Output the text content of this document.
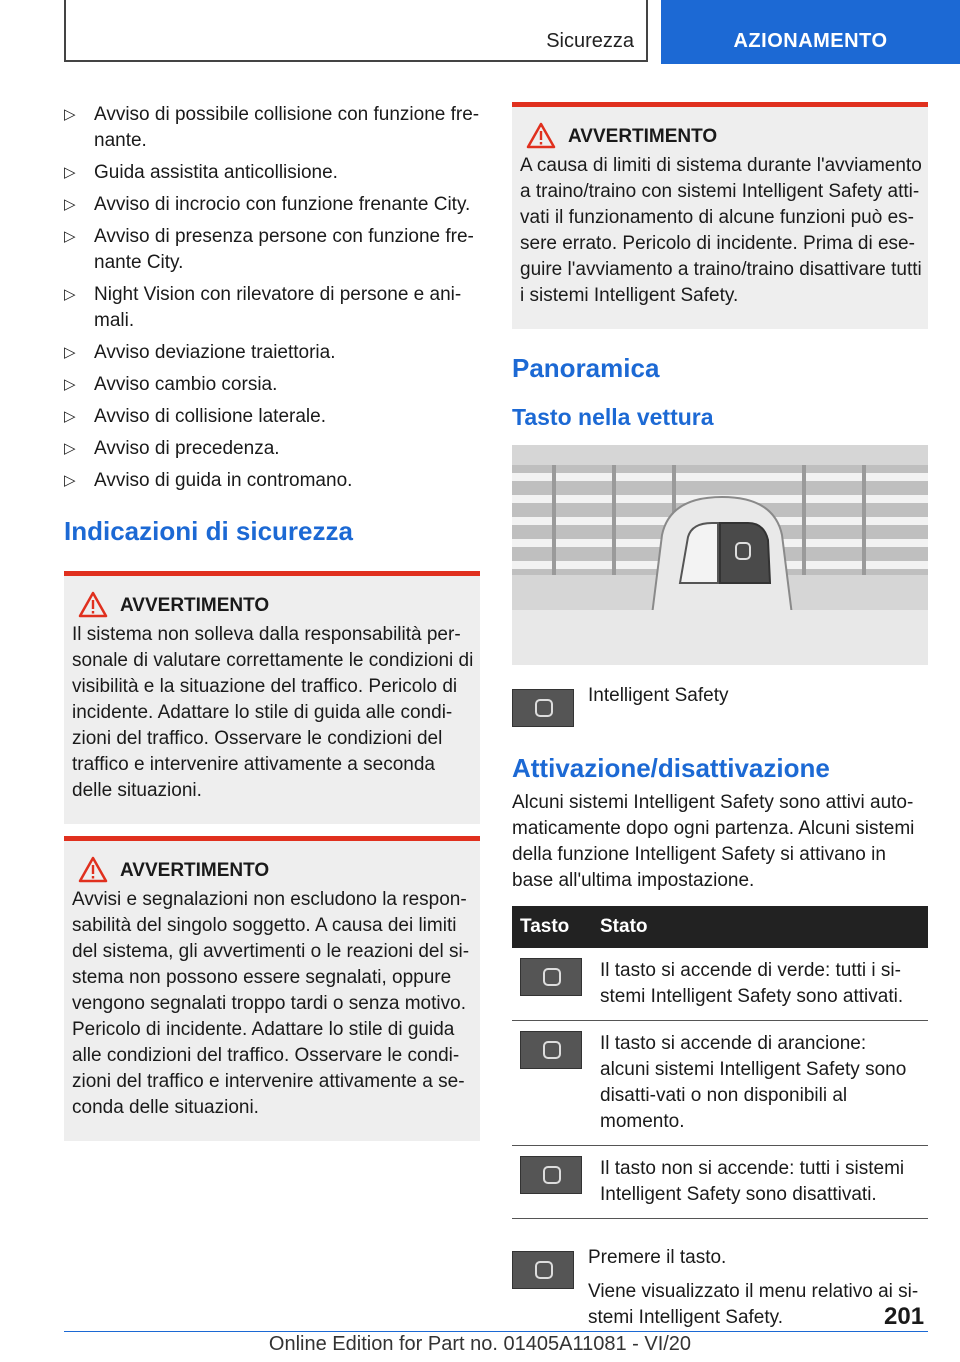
Sicurezza	AZIONAMENTO
▷ Avviso di possibile collisione con funzione fre-nante.
▷ Guida assistita anticollisione.
▷ Avviso di incrocio con funzione frenante City.
▷ Avviso di presenza persone con funzione fre-nante City.
▷ Night Vision con rilevatore di persone e ani-mali.
▷ Avviso deviazione traiettoria.
▷ Avviso cambio corsia.
▷ Avviso di collisione laterale.
▷ Avviso di precedenza.
▷ Avviso di guida in contromano.
Indicazioni di sicurezza
AVVERTIMENTO
Il sistema non solleva dalla responsabilità per-sonale di valutare correttamente le condizioni di visibilità e la situazione del traffico. Pericolo di incidente. Adattare lo stile di guida alle condi-zioni del traffico. Osservare le condizioni del traffico e intervenire attivamente a seconda delle situazioni.
AVVERTIMENTO
Avvisi e segnalazioni non escludono la respon-sabilità del singolo soggetto. A causa dei limiti del sistema, gli avvertimenti o le reazioni del si-stema non possono essere segnalati, oppure vengono segnalati troppo tardi o senza motivo. Pericolo di incidente. Adattare lo stile di guida alle condizioni del traffico. Osservare le condi-zioni del traffico e intervenire attivamente a se-conda delle situazioni.
AVVERTIMENTO
A causa di limiti di sistema durante l'avviamento a traino/traino con sistemi Intelligent Safety atti-vati il funzionamento di alcune funzioni può es-sere errato. Pericolo di incidente. Prima di ese-guire l'avviamento a traino/traino disattivare tutti i sistemi Intelligent Safety.
Panoramica
Tasto nella vettura
Intelligent Safety
Attivazione/disattivazione
Alcuni sistemi Intelligent Safety sono attivi auto-maticamente dopo ogni partenza. Alcuni sistemi della funzione Intelligent Safety si attivano in base all'ultima impostazione.
Tasto	Stato

	Il tasto si accende di verde: tutti i si-stemi Intelligent Safety sono attivati.

	Il tasto si accende di arancione: alcuni sistemi Intelligent Safety sono disatti-vati o non disponibili al momento.

	Il tasto non si accende: tutti i sistemi Intelligent Safety sono disattivati.
Premere il tasto.
Viene visualizzato il menu relativo ai si-stemi Intelligent Safety.	201
Online Edition for Part no. 01405A11081 - VI/20
